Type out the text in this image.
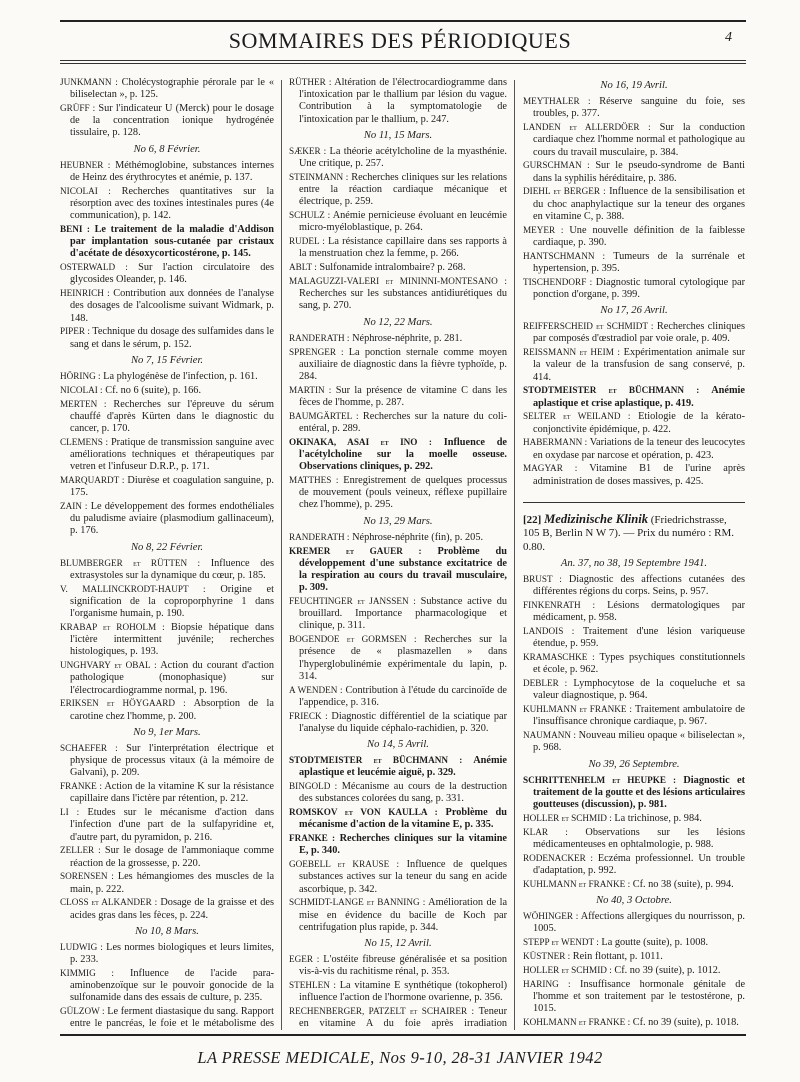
SOMMAIRES DES PÉRIODIQUES	4
JUNKMANN : Cholécystographie pérorale par le « biliselectan », p. 125.
GRÜFF : Sur l'indicateur U (Merck) pour le dosage de la concentration ionique hydrogénée tissulaire, p. 128.
No 6, 8 Février.
HEUBNER : Méthémoglobine, substances internes de Heinz des érythrocytes et anémie, p. 137.
NICOLAI : Recherches quantitatives sur la résorption avec des toxines intestinales pures (4e communication), p. 142.
BENI : Le traitement de la maladie d'Addison par implantation sous-cutanée par cristaux d'acétate de désoxycorticostérone, p. 145.
OSTERWALD : Sur l'action circulatoire des glycosides Oleander, p. 146.
HEINRICH : Contribution aux données de l'analyse des dosages de l'alcoolisme suivant Widmark, p. 148.
PIPER : Technique du dosage des sulfamides dans le sang et dans le sérum, p. 152.
No 7, 15 Février.
HÖRING : La phylogénèse de l'infection, p. 161.
NICOLAI : Cf. no 6 (suite), p. 166.
MERTEN : Recherches sur l'épreuve du sérum chauffé d'après Kürten dans le diagnostic du cancer, p. 170.
CLEMENS : Pratique de transmission sanguine avec améliorations techniques et thérapeutiques par vetren et l'infuseur D.R.P., p. 171.
MARQUARDT : Diurèse et coagulation sanguine, p. 175.
ZAIN : Le développement des formes endothéliales du paludisme aviaire (plasmodium gallinaceum), p. 176.
No 8, 22 Février.
BLUMBERGER et RÜTTEN : Influence des extrasystoles sur la dynamique du cœur, p. 185.
V. MALLINCKRODT-HAUPT : Origine et signification de la coproporphyrine 1 dans l'organisme humain, p. 190.
KRABAP et ROHOLM : Biopsie hépatique dans l'ictère intermittent juvénile; recherches histologiques, p. 193.
UNGHVARY et OBAL : Action du courant d'action pathologique (monophasique) sur l'électrocardiogramme normal, p. 196.
ERIKSEN et HÖYGAARD : Absorption de la carotine chez l'homme, p. 200.
No 9, 1er Mars.
SCHAEFER : Sur l'interprétation électrique et physique de processus vitaux (à la mémoire de Galvani), p. 209.
FRANKE : Action de la vitamine K sur la résistance capillaire dans l'ictère par rétention, p. 212.
LI : Etudes sur le mécanisme d'action dans l'infection d'une part de la sulfapyridine et, d'autre part, du pyramidon, p. 216.
ZELLER : Sur le dosage de l'ammoniaque comme réaction de la grossesse, p. 220.
SORENSEN : Les hémangiomes des muscles de la main, p. 222.
CLOSS et ALKANDER : Dosage de la graisse et des acides gras dans les fèces, p. 224.
No 10, 8 Mars.
LUDWIG : Les normes biologiques et leurs limites, p. 233.
KIMMIG : Influence de l'acide para-aminobenzoïque sur le pouvoir gonocide de la sulfonamide dans des essais de culture, p. 235.
GÜLZOW : Le ferment diastasique du sang. Rapport entre le pancréas, le foie et le métabolisme des
RÜTHER : Altération de l'électrocardiogramme dans l'intoxication par le thallium par lésion du vague. Contribution à la symptomatologie de l'intoxication par le thallium, p. 247.
No 11, 15 Mars.
SÆKER : La théorie acétylcholine de la myasthénie. Une critique, p. 257.
STEINMANN : Recherches cliniques sur les relations entre la réaction cardiaque mécanique et électrique, p. 259.
SCHULZ : Anémie pernicieuse évoluant en leucémie micro-myéloblastique, p. 264.
RUDEL : La résistance capillaire dans ses rapports à la menstruation chez la femme, p. 266.
ABLT : Sulfonamide intralombaire? p. 268.
MALAGUZZI-VALERI et MININNI-MONTESANO : Recherches sur les substances antidiurétiques du sang, p. 270.
No 12, 22 Mars.
RANDERATH : Néphrose-néphrite, p. 281.
SPRENGER : La ponction sternale comme moyen auxiliaire de diagnostic dans la fièvre typhoïde, p. 284.
MARTIN : Sur la présence de vitamine C dans les fèces de l'homme, p. 287.
BAUMGÄRTEL : Recherches sur la nature du coli-entéral, p. 289.
OKINAKA, ASAI et INO : Influence de l'acétylcholine sur la moelle osseuse. Observations cliniques, p. 292.
MATTHES : Enregistrement de quelques processus de mouvement (pouls veineux, réflexe pupillaire chez l'homme), p. 295.
No 13, 29 Mars.
RANDERATH : Néphrose-néphrite (fin), p. 205.
KREMER et GAUER : Problème du développement d'une substance excitatrice de la respiration au cours du travail musculaire, p. 309.
FEUCHTINGER et JANSSEN : Substance active du brouillard. Importance pharmacologique et clinique, p. 311.
BOGENDOE et GORMSEN : Recherches sur la présence de « plasmazellen » dans l'hyperglobulinémie expérimentale du lapin, p. 314.
A WENDEN : Contribution à l'étude du carcinoïde de l'appendice, p. 316.
FRIECK : Diagnostic différentiel de la sciatique par l'analyse du liquide céphalo-rachidien, p. 320.
No 14, 5 Avril.
STODTMEISTER et BÜCHMANN : Anémie aplastique et leucémie aiguë, p. 329.
BINGOLD : Mécanisme au cours de la destruction des substances colorées du sang, p. 331.
ROMSKOV et VON KAULLA : Problème du mécanisme d'action de la vitamine E, p. 335.
FRANKE : Recherches cliniques sur la vitamine E, p. 340.
GOEBELL et KRAUSE : Influence de quelques substances actives sur la teneur du sang en acide ascorbique, p. 342.
SCHMIDT-LANGE et BANNING : Amélioration de la mise en évidence du bacille de Koch par centrifugation plus rapide, p. 344.
No 15, 12 Avril.
EGER : L'ostéite fibreuse généralisée et sa position vis-à-vis du rachitisme rénal, p. 353.
STEHLEN : La vitamine E synthétique (tokopherol) influence l'action de l'hormone ovarienne, p. 356.
RECHENBERGER, PATZELT et SCHAIRER : Teneur en vitamine A du foie après irradiation
No 16, 19 Avril.
MEYTHALER : Réserve sanguine du foie, ses troubles, p. 377.
LANDEN et ALLERDÖER : Sur la conduction cardiaque chez l'homme normal et pathologique au cours du travail musculaire, p. 384.
GURSCHMAN : Sur le pseudo-syndrome de Banti dans la syphilis héréditaire, p. 386.
DIEHL et BERGER : Influence de la sensibilisation et du choc anaphylactique sur la teneur des organes en vitamine C, p. 388.
MEYER : Une nouvelle définition de la faiblesse cardiaque, p. 390.
HANTSCHMANN : Tumeurs de la surrénale et hypertension, p. 395.
TISCHENDORF : Diagnostic tumoral cytologique par ponction d'organe, p. 399.
No 17, 26 Avril.
REIFFERSCHEID et SCHMIDT : Recherches cliniques par composés d'œstradiol par voie orale, p. 409.
REISSMANN et HEIM : Expérimentation animale sur la valeur de la transfusion de sang conservé, p. 414.
STODTMEISTER et BÜCHMANN : Anémie aplastique et crise aplastique, p. 419.
SELTER et WEILAND : Etiologie de la kérato-conjonctivite épidémique, p. 422.
HABERMANN : Variations de la teneur des leucocytes en oxydase par narcose et opération, p. 423.
MAGYAR : Vitamine B1 de l'urine après administration de doses massives, p. 425.
[22] Medizinische Klinik (Friedrichstrasse, 105 B, Berlin N W 7). — Prix du numéro : RM. 0.80.
An. 37, no 38, 19 Septembre 1941.
BRUST : Diagnostic des affections cutanées des différentes régions du corps. Seins, p. 957.
FINKENRATH : Lésions dermatologiques par médicament, p. 958.
LANDOIS : Traitement d'une lésion variqueuse étendue, p. 959.
KRAMASCHKE : Types psychiques constitutionnels et école, p. 962.
DEBLER : Lymphocytose de la coqueluche et sa valeur diagnostique, p. 964.
KUHLMANN et FRANKE : Traitement ambulatoire de l'insuffisance chronique cardiaque, p. 967.
NAUMANN : Nouveau milieu opaque « biliselectan », p. 968.
No 39, 26 Septembre.
SCHRITTENHELM et HEUPKE : Diagnostic et traitement de la goutte et des lésions articulaires goutteuses (discussion), p. 981.
HOLLER et SCHMID : La trichinose, p. 984.
KLAR : Observations sur les lésions médicamenteuses en ophtalmologie, p. 988.
RODENACKER : Eczéma professionnel. Un trouble d'adaptation, p. 992.
KUHLMANN et FRANKE : Cf. no 38 (suite), p. 994.
No 40, 3 Octobre.
WÖHINGER : Affections allergiques du nourrisson, p. 1005.
STEPP et WENDT : La goutte (suite), p. 1008.
KÜSTNER : Rein flottant, p. 1011.
HOLLER et SCHMID : Cf. no 39 (suite), p. 1012.
HARING : Insuffisance hormonale génitale de l'homme et son traitement par le testostérone, p. 1015.
KOHLMANN et FRANKE : Cf. no 39 (suite), p. 1018.
LA PRESSE MEDICALE, Nos 9-10, 28-31 JANVIER 1942
